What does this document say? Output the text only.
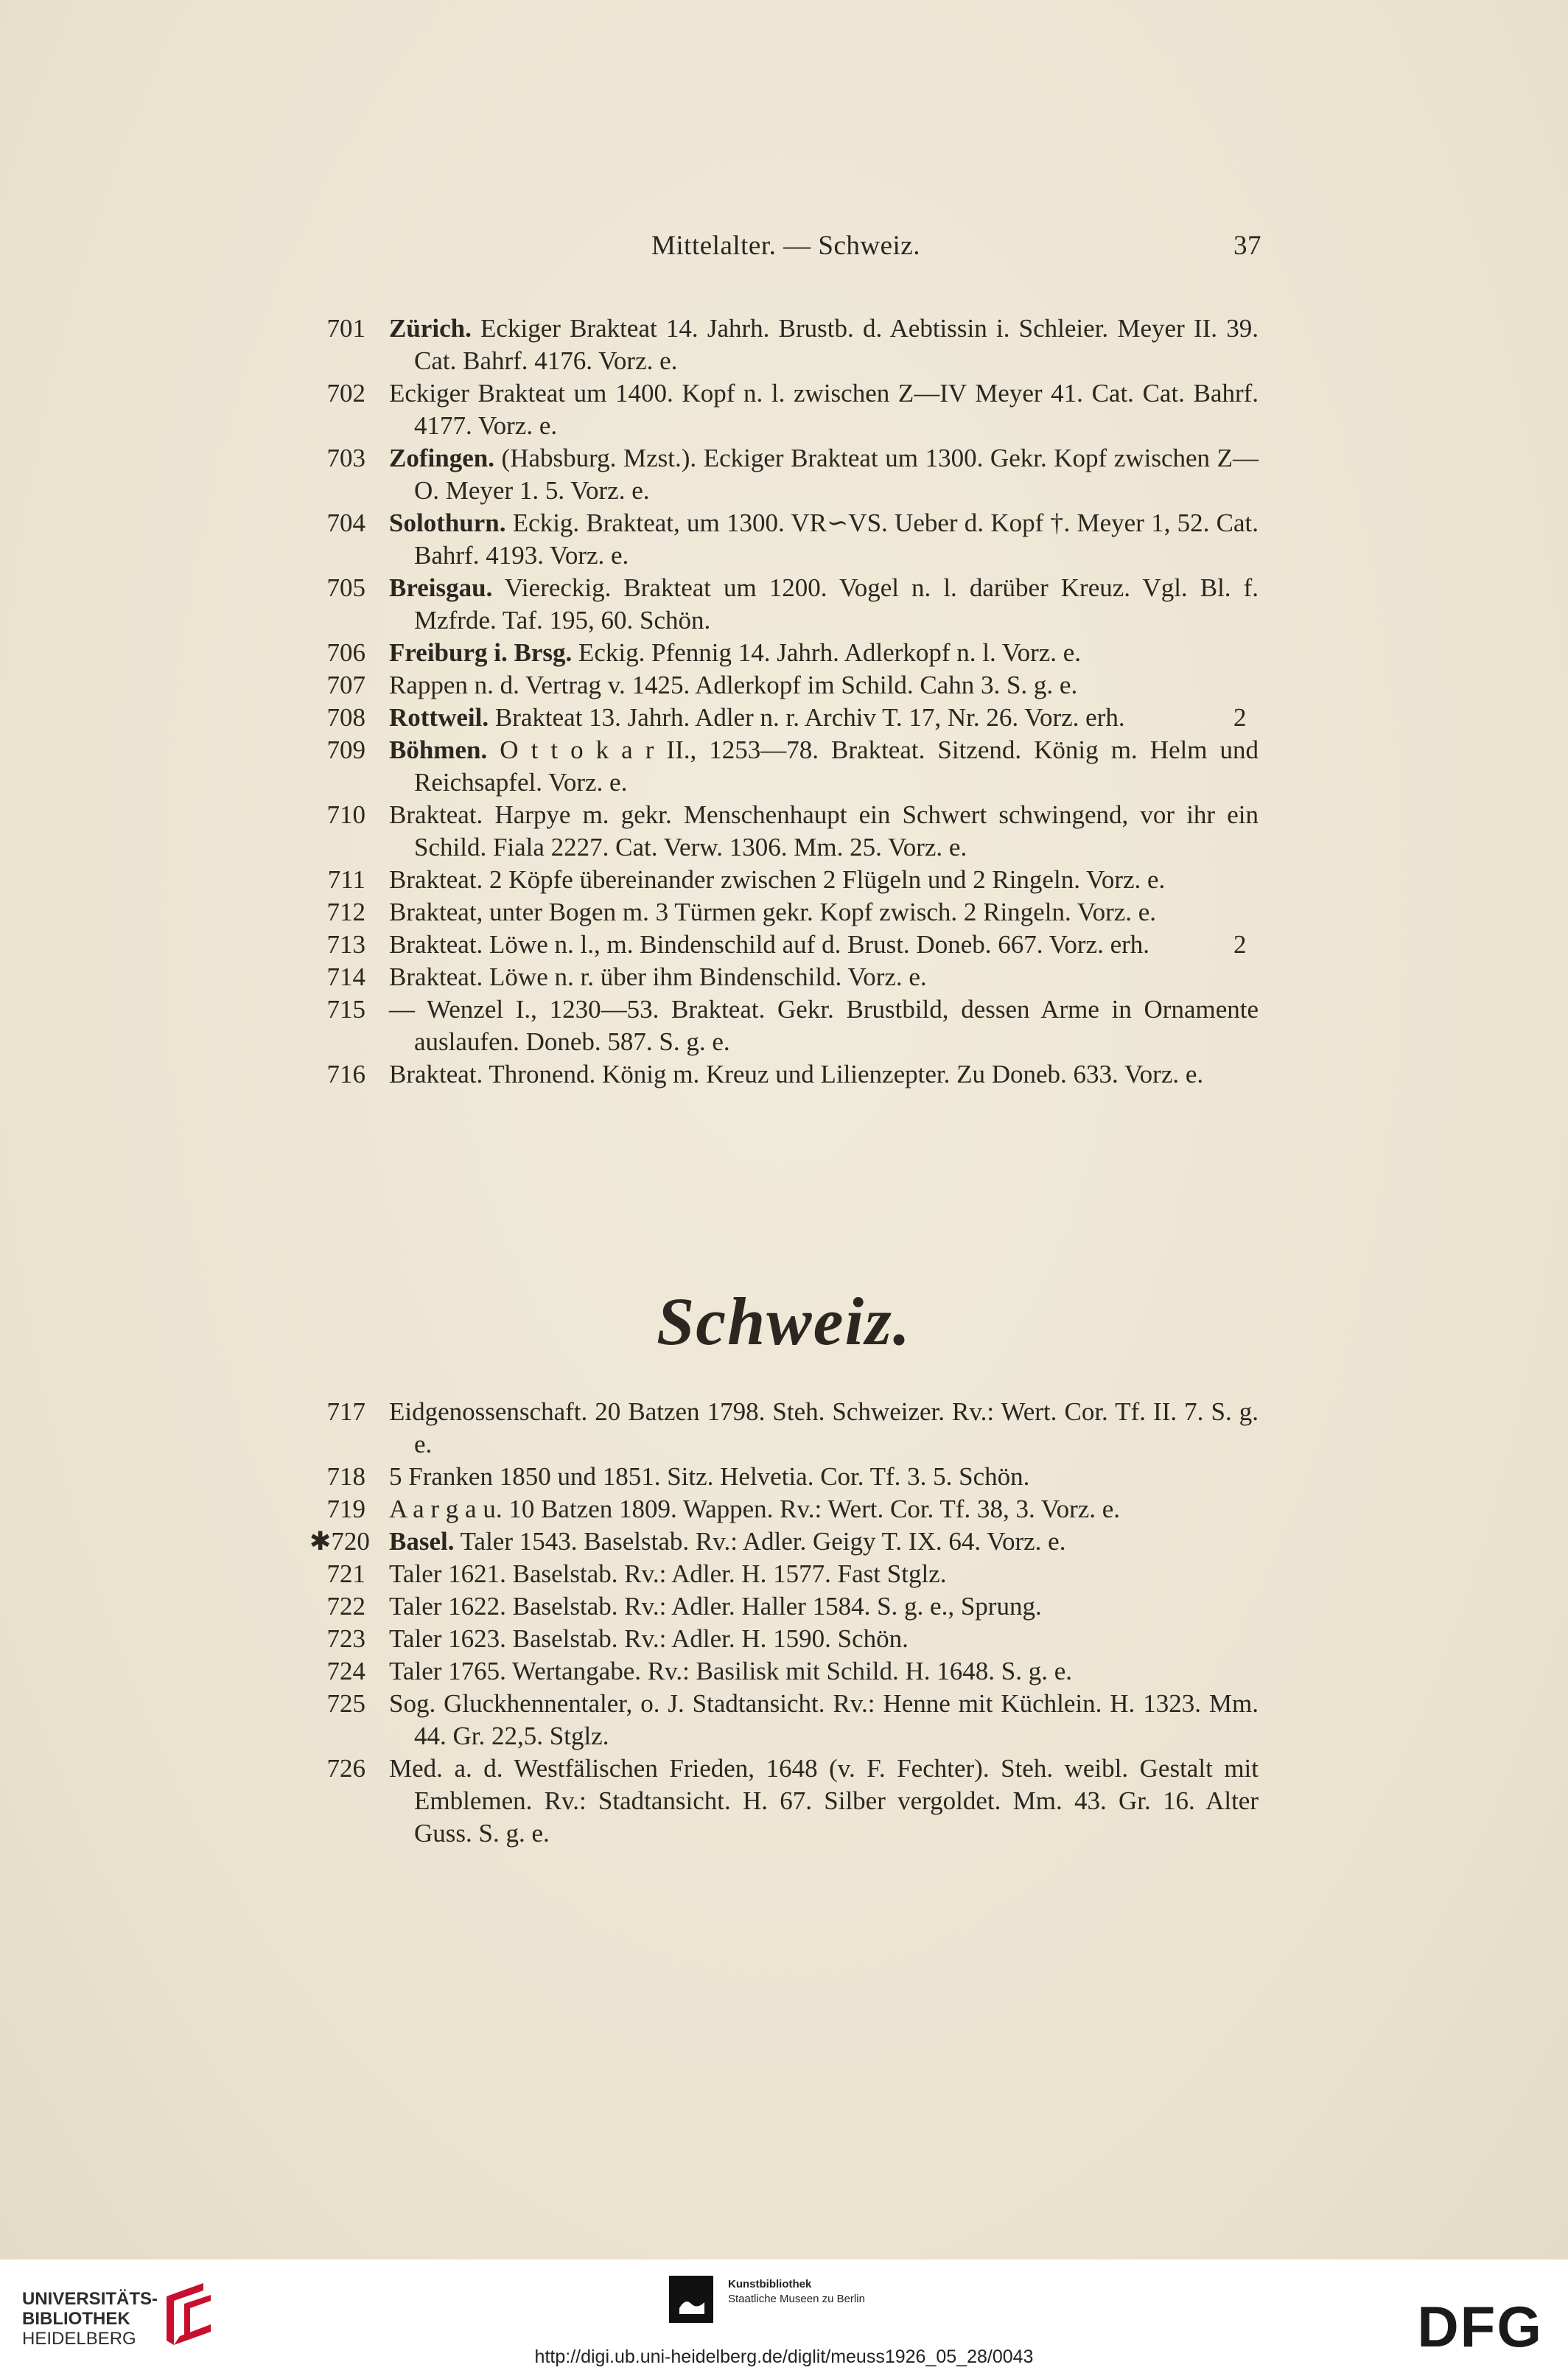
Mittelalter. — Schweiz.	37
701 Zürich. Eckiger Brakteat 14. Jahrh. Brustb. d. Aebtissin i. Schleier. Meyer II. 39. Cat. Bahrf. 4176. Vorz. e.
702 Eckiger Brakteat um 1400. Kopf n. l. zwischen Z—IV Meyer 41. Cat. Cat. Bahrf. 4177. Vorz. e.
703 Zofingen. (Habsburg. Mzst.). Eckiger Brakteat um 1300. Gekr. Kopf zwischen Z—O. Meyer 1. 5. Vorz. e.
704 Solothurn. Eckig. Brakteat, um 1300. VR∽VS. Ueber d. Kopf †. Meyer 1, 52. Cat. Bahrf. 4193. Vorz. e.
705 Breisgau. Viereckig. Brakteat um 1200. Vogel n. l. darüber Kreuz. Vgl. Bl. f. Mzfrde. Taf. 195, 60. Schön.
706 Freiburg i. Brsg. Eckig. Pfennig 14. Jahrh. Adlerkopf n. l. Vorz. e.
707 Rappen n. d. Vertrag v. 1425. Adlerkopf im Schild. Cahn 3. S. g. e.
708 Rottweil. Brakteat 13. Jahrh. Adler n. r. Archiv T. 17, Nr. 26. Vorz. erh.	2
709 Böhmen. O t t o k a r II., 1253—78. Brakteat. Sitzend. König m. Helm und Reichsapfel. Vorz. e.
710 Brakteat. Harpye m. gekr. Menschenhaupt ein Schwert schwingend, vor ihr ein Schild. Fiala 2227. Cat. Verw. 1306. Mm. 25. Vorz. e.
711 Brakteat. 2 Köpfe übereinander zwischen 2 Flügeln und 2 Ringeln. Vorz. e.
712 Brakteat, unter Bogen m. 3 Türmen gekr. Kopf zwisch. 2 Ringeln. Vorz. e.
713 Brakteat. Löwe n. l., m. Bindenschild auf d. Brust. Doneb. 667. Vorz. erh.	2
714 Brakteat. Löwe n. r. über ihm Bindenschild. Vorz. e.
715 — Wenzel I., 1230—53. Brakteat. Gekr. Brustbild, dessen Arme in Ornamente auslaufen. Doneb. 587. S. g. e.
716 Brakteat. Thronend. König m. Kreuz und Lilienzepter. Zu Doneb. 633. Vorz. e.
Schweiz.
717 Eidgenossenschaft. 20 Batzen 1798. Steh. Schweizer. Rv.: Wert. Cor. Tf. II. 7. S. g. e.
718 5 Franken 1850 und 1851. Sitz. Helvetia. Cor. Tf. 3. 5. Schön.
719 A a r g a u. 10 Batzen 1809. Wappen. Rv.: Wert. Cor. Tf. 38, 3. Vorz. e.
✱720 Basel. Taler 1543. Baselstab. Rv.: Adler. Geigy T. IX. 64. Vorz. e.
721 Taler 1621. Baselstab. Rv.: Adler. H. 1577. Fast Stglz.
722 Taler 1622. Baselstab. Rv.: Adler. Haller 1584. S. g. e., Sprung.
723 Taler 1623. Baselstab. Rv.: Adler. H. 1590. Schön.
724 Taler 1765. Wertangabe. Rv.: Basilisk mit Schild. H. 1648. S. g. e.
725 Sog. Gluckhennentaler, o. J. Stadtansicht. Rv.: Henne mit Küchlein. H. 1323. Mm. 44. Gr. 22,5. Stglz.
726 Med. a. d. Westfälischen Frieden, 1648 (v. F. Fechter). Steh. weibl. Gestalt mit Emblemen. Rv.: Stadtansicht. H. 67. Silber vergoldet. Mm. 43. Gr. 16. Alter Guss. S. g. e.
UNIVERSITÄTS-
BIBLIOTHEK
HEIDELBERG
Kunstbibliothek
Staatliche Museen zu Berlin	DFG
http://digi.ub.uni-heidelberg.de/diglit/meuss1926_05_28/0043
